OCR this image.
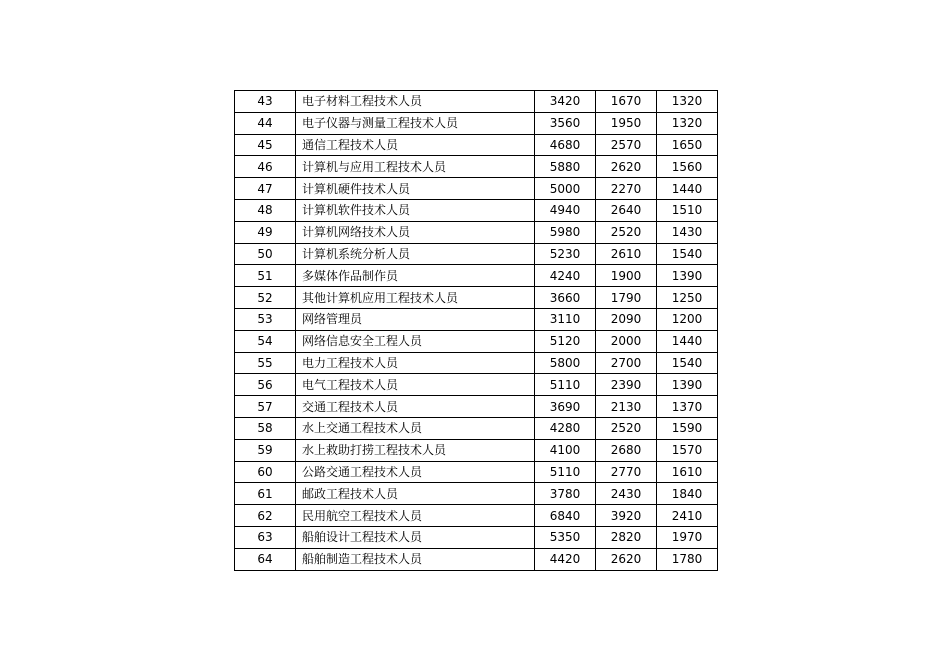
43	电子材料工程技术人员	3420	1670	1320
44	电子仪器与测量工程技术人员	3560	1950	1320
45	通信工程技术人员	4680	2570	1650
46	计算机与应用工程技术人员	5880	2620	1560
47	计算机硬件技术人员	5000	2270	1440
48	计算机软件技术人员	4940	2640	1510
49	计算机网络技术人员	5980	2520	1430
50	计算机系统分析人员	5230	2610	1540
51	多媒体作品制作员	4240	1900	1390
52	其他计算机应用工程技术人员	3660	1790	1250
53	网络管理员	3110	2090	1200
54	网络信息安全工程人员	5120	2000	1440
55	电力工程技术人员	5800	2700	1540
56	电气工程技术人员	5110	2390	1390
57	交通工程技术人员	3690	2130	1370
58	水上交通工程技术人员	4280	2520	1590
59	水上救助打捞工程技术人员	4100	2680	1570
60	公路交通工程技术人员	5110	2770	1610
61	邮政工程技术人员	3780	2430	1840
62	民用航空工程技术人员	6840	3920	2410
63	船舶设计工程技术人员	5350	2820	1970
64	船舶制造工程技术人员	4420	2620	1780
